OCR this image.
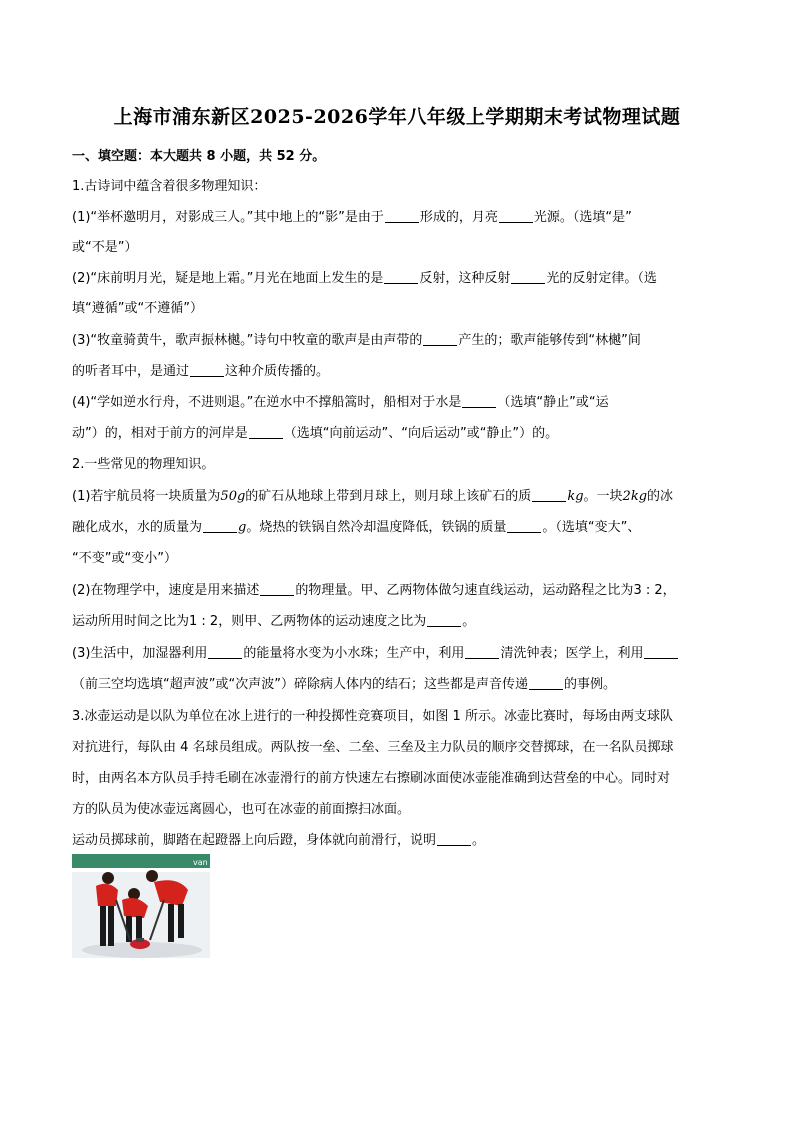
上海市浦东新区2025-2026学年八年级上学期期末考试物理试题
一、填空题：本大题共 8 小题，共 52 分。
1.古诗词中蕴含着很多物理知识：
(1)“举杯邀明月，对影成三人。”其中地上的“影”是由于	形成的，月亮	光源。（选填“是”
或“不是”）
(2)“床前明月光，疑是地上霜。”月光在地面上发生的是	反射，这种反射	光的反射定律。（选
填“遵循”或“不遵循”）
(3)“牧童骑黄牛，歌声振林樾。”诗句中牧童的歌声是由声带的	产生的；歌声能够传到“林樾”间
的听者耳中，是通过	这种介质传播的。
(4)“学如逆水行舟，不进则退。”在逆水中不撑船篙时，船相对于水是	（选填“静止”或“运
动”）的，相对于前方的河岸是	（选填“向前运动”、“向后运动”或“静止”）的。
2.一些常见的物理知识。
(1)若宇航员将一块质量为50g的矿石从地球上带到月球上，则月球上该矿石的质	kg。一块2kg的冰
融化成水，水的质量为	g。烧热的铁锅自然冷却温度降低，铁锅的质量	。（选填“变大”、
“不变”或“变小”）
(2)在物理学中，速度是用来描述	的物理量。甲、乙两物体做匀速直线运动，运动路程之比为3 : 2，
运动所用时间之比为1 : 2，则甲、乙两物体的运动速度之比为	。
(3)生活中，加湿器利用	的能量将水变为小水珠；生产中，利用	清洗钟表；医学上，利用
（前三空均选填“超声波”或“次声波”）碎除病人体内的结石；这些都是声音传递	的事例。
3.冰壶运动是以队为单位在冰上进行的一种投掷性竞赛项目，如图 1 所示。冰壶比赛时，每场由两支球队
对抗进行，每队由 4 名球员组成。两队按一垒、二垒、三垒及主力队员的顺序交替掷球，在一名队员掷球
时，由两名本方队员手持毛刷在冰壶滑行的前方快速左右擦刷冰面使冰壶能准确到达营垒的中心。同时对
方的队员为使冰壶远离圆心，也可在冰壶的前面擦扫冰面。
运动员掷球前，脚踏在起蹬器上向后蹬，身体就向前滑行，说明	。
van
